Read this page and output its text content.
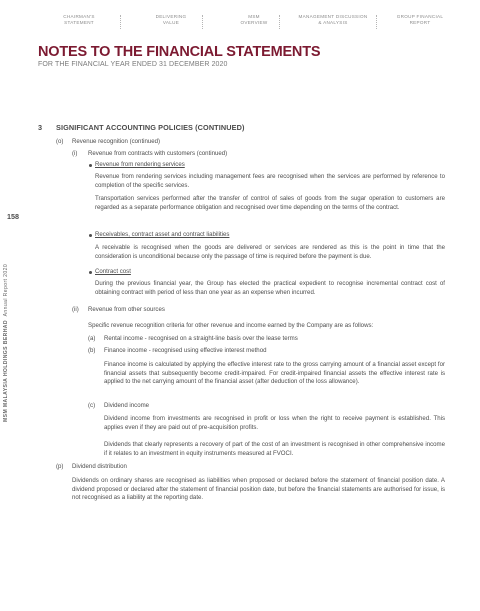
CHAIRMAN'S
STATEMENT
DELIVERING
VALUE
MSM
OVERVIEW
MANAGEMENT DISCUSSION
& ANALYSIS
GROUP FINANCIAL
REPORT
NOTES TO THE FINANCIAL STATEMENTS
FOR THE FINANCIAL YEAR ENDED 31 DECEMBER 2020
158
MSM MALAYSIA HOLDINGS BERHAD  Annual Report 2020
3 SIGNIFICANT ACCOUNTING POLICIES (CONTINUED)
(o) Revenue recognition (continued)
(i) Revenue from contracts with customers (continued)
Revenue from rendering services
Revenue from rendering services including management fees are recognised when the services are performed by reference to completion of the specific services.
Transportation services performed after the transfer of control of sales of goods from the sugar operation to customers are regarded as a separate performance obligation and recognised over time depending on the terms of the contract.
Receivables, contract asset and contract liabilities
A receivable is recognised when the goods are delivered or services are rendered as this is the point in time that the consideration is unconditional because only the passage of time is required before the payment is due.
Contract cost
During the previous financial year, the Group has elected the practical expedient to recognise incremental contract cost of obtaining contract with period of less than one year as an expense when incurred.
(ii) Revenue from other sources
Specific revenue recognition criteria for other revenue and income earned by the Company are as follows:
(a) Rental income - recognised on a straight-line basis over the lease terms
(b) Finance income - recognised using effective interest method
Finance income is calculated by applying the effective interest rate to the gross carrying amount of a financial asset except for financial assets that subsequently become credit-impaired. For credit-impaired financial assets the effective interest rate is applied to the net carrying amount of the financial asset (after deduction of the loss allowance).
(c) Dividend income
Dividend income from investments are recognised in profit or loss when the right to receive payment is established. This applies even if they are paid out of pre-acquisition profits.
Dividends that clearly represents a recovery of part of the cost of an investment is recognised in other comprehensive income if it relates to an investment in equity instruments measured at FVOCI.
(p) Dividend distribution
Dividends on ordinary shares are recognised as liabilities when proposed or declared before the statement of financial position date. A dividend proposed or declared after the statement of financial position date, but before the financial statements are authorised for issue, is not recognised as a liability at the reporting date.
